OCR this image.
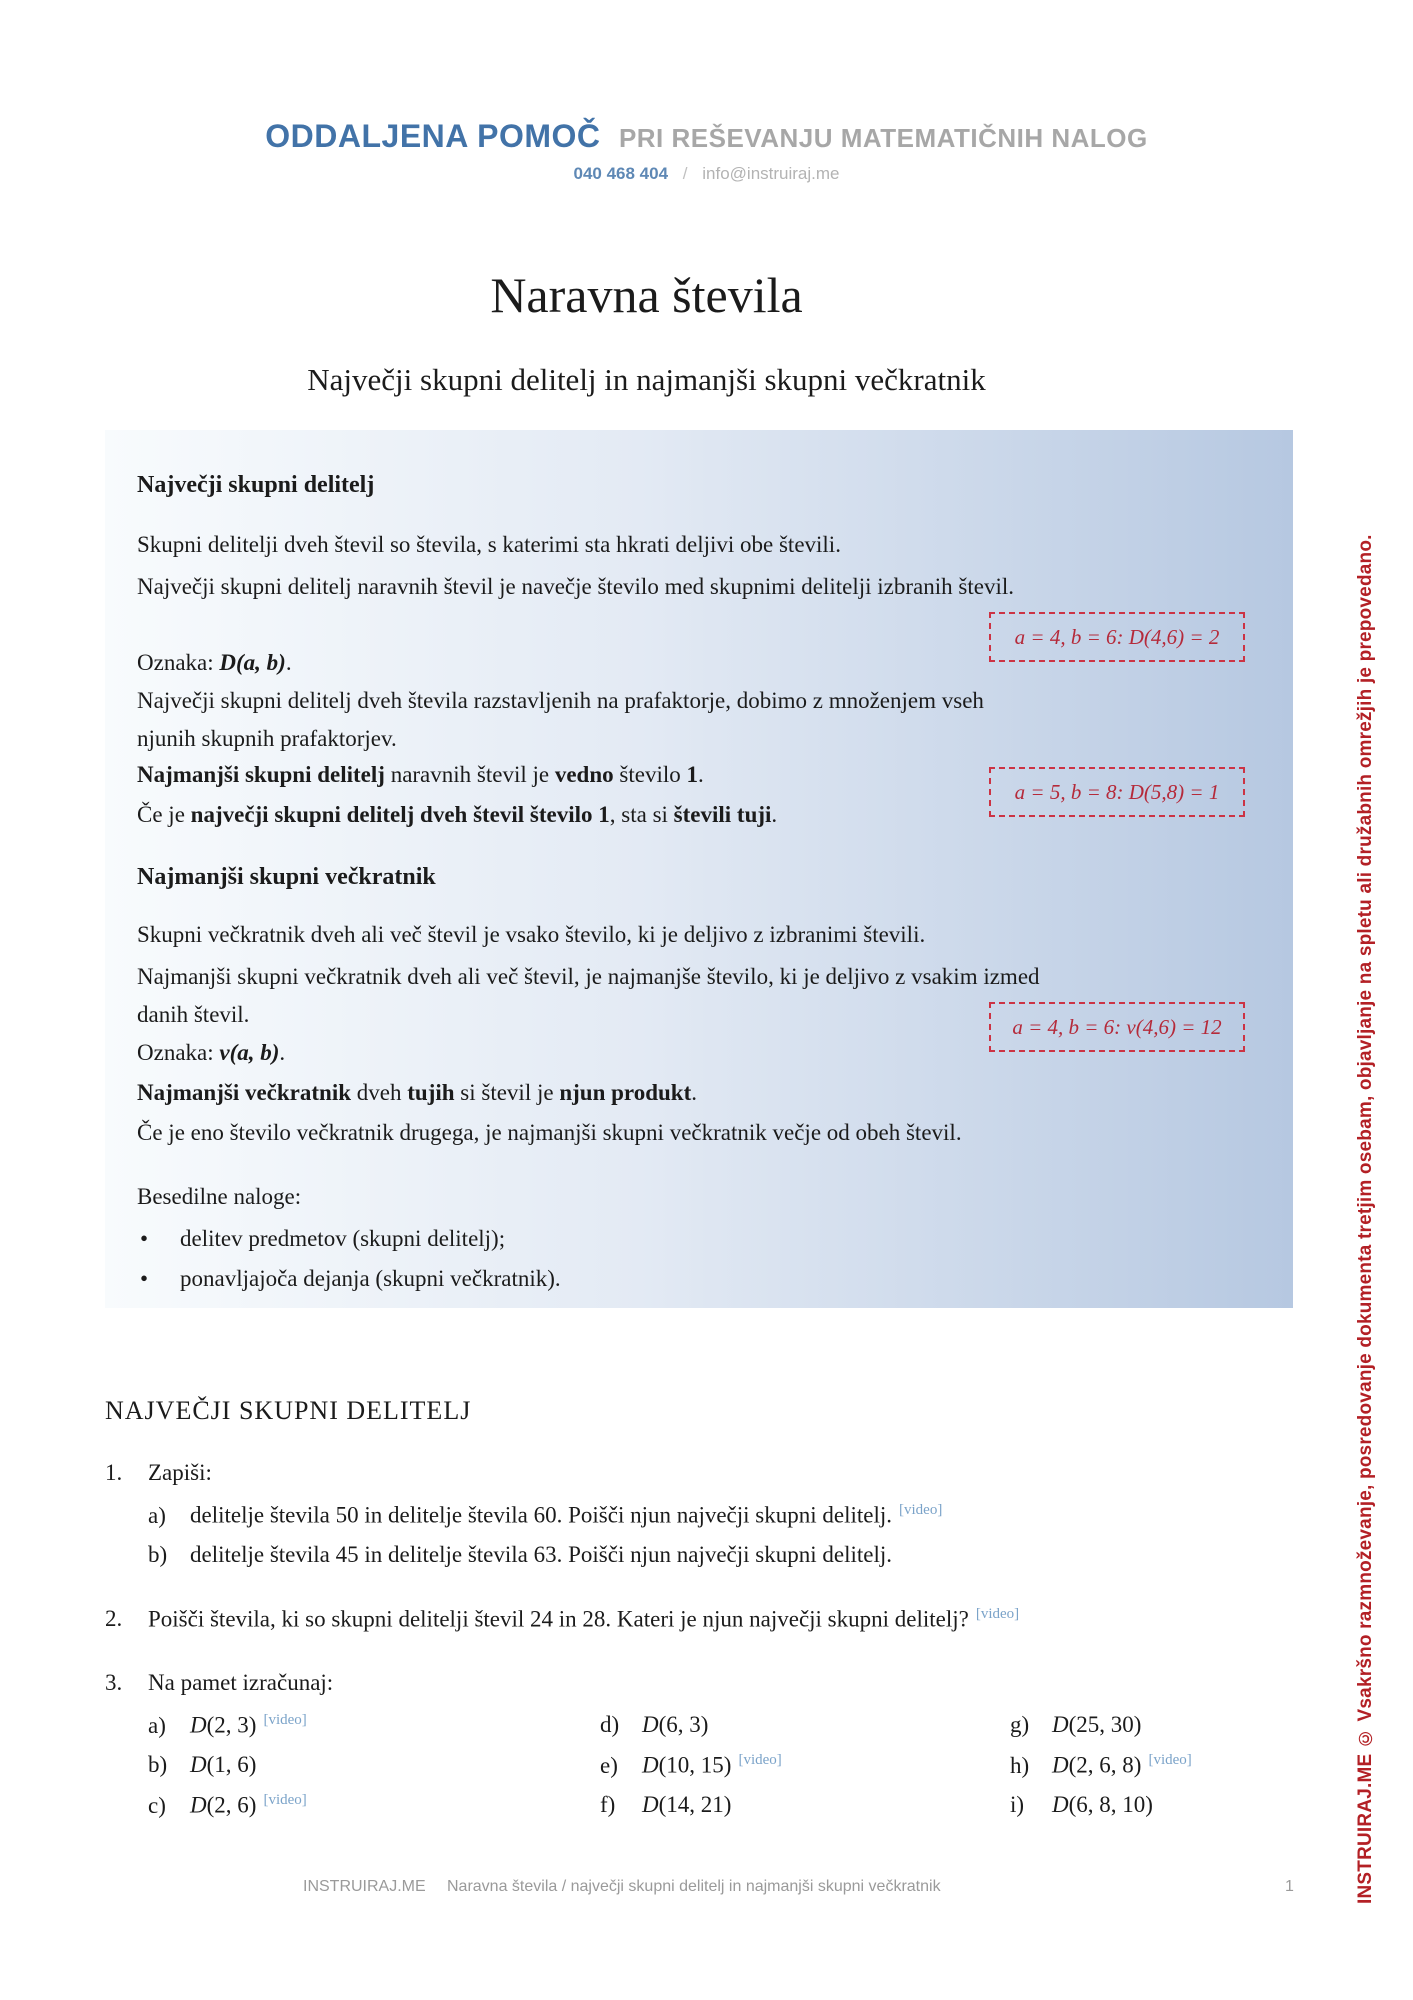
ODDALJENA POMOČ PRI REŠEVANJU MATEMATIČNIH NALOG
040 468 404 / info@instruiraj.me
Naravna števila
Največji skupni delitelj in najmanjši skupni večkratnik
Največji skupni delitelj
Skupni delitelji dveh števil so števila, s katerimi sta hkrati deljivi obe števili.
Največji skupni delitelj naravnih števil je navečje število med skupnimi delitelji izbranih števil.
Oznaka: D(a, b).
a = 4, b = 6: D(4,6) = 2
Največji skupni delitelj dveh števila razstavljenih na prafaktorje, dobimo z množenjem vseh njunih skupnih prafaktorjev.
Najmanjši skupni delitelj naravnih števil je vedno število 1.
Če je največji skupni delitelj dveh števil število 1, sta si števili tuji.
a = 5, b = 8: D(5,8) = 1
Najmanjši skupni večkratnik
Skupni večkratnik dveh ali več števil je vsako število, ki je deljivo z izbranimi števili.
Najmanjši skupni večkratnik dveh ali več števil, je najmanjše število, ki je deljivo z vsakim izmed danih števil.
Oznaka: v(a, b).
a = 4, b = 6: v(4,6) = 12
Najmanjši večkratnik dveh tujih si števil je njun produkt.
Če je eno število večkratnik drugega, je najmanjši skupni večkratnik večje od obeh števil.
Besedilne naloge:
• delitev predmetov (skupni delitelj);
• ponavljajoča dejanja (skupni večkratnik).
NAJVEČJI SKUPNI DELITELJ
1. Zapiši:
a) delitelje števila 50 in delitelje števila 60. Poišči njun največji skupni delitelj. [video]
b) delitelje števila 45 in delitelje števila 63. Poišči njun največji skupni delitelj.
2. Poišči števila, ki so skupni delitelji števil 24 in 28. Kateri je njun največji skupni delitelj? [video]
3. Na pamet izračunaj:
a) D(2, 3) [video]
b) D(1, 6)
c) D(2, 6) [video]
d) D(6, 3)
e) D(10, 15) [video]
f) D(14, 21)
g) D(25, 30)
h) D(2, 6, 8) [video]
i) D(6, 8, 10)
INSTRUIRAJ.ME Naravna števila / največji skupni delitelj in najmanjši skupni večkratnik	1	INSTRUIRAJ.ME © Vsakršno razmnoževanje, posredovanje dokumenta tretjim osebam, objavljanje na spletu ali družabnih omrežjih je prepovedano.
